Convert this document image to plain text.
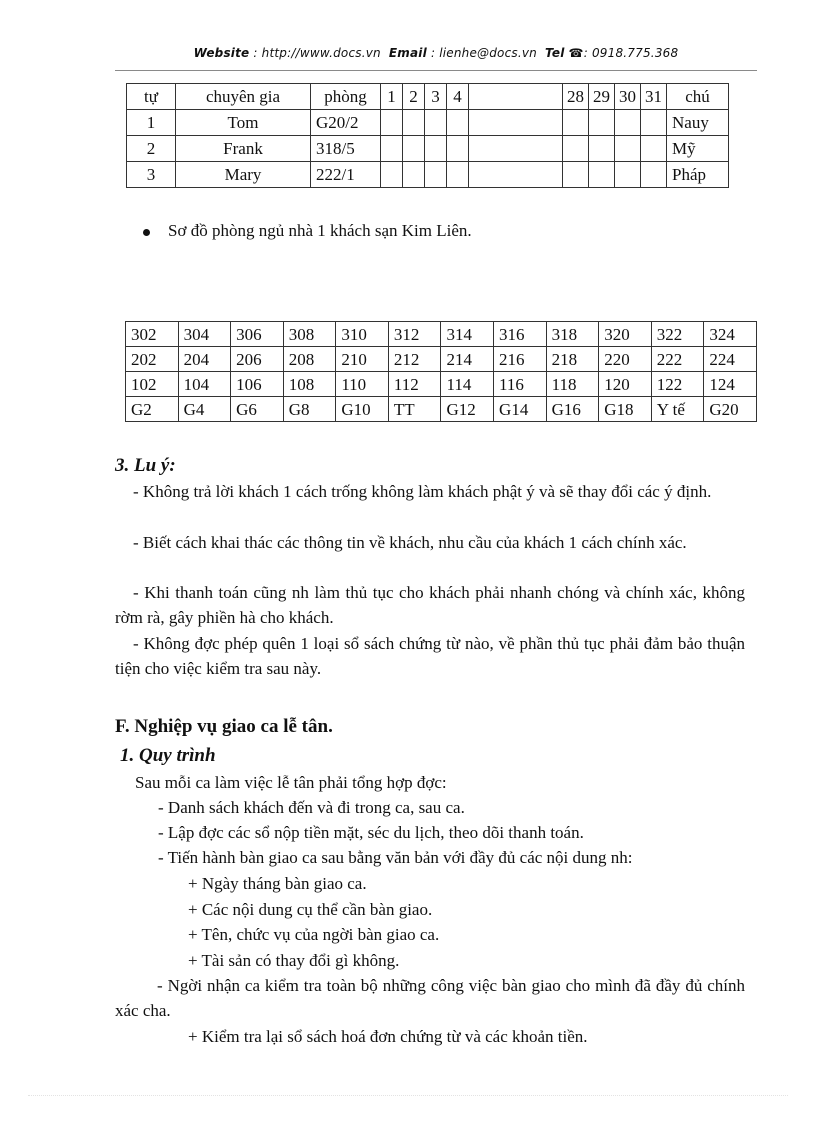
Website : http://www.docs.vn Email : lienhe@docs.vn Tel ☎: 0918.775.368
tự	chuyên gia	phòng	1	2	3	4		28	29	30	31	chú
1	Tom	G20/2										Nauy
2	Frank	318/5										Mỹ
3	Mary	222/1										Pháp
Sơ đồ phòng ngủ nhà 1 khách sạn Kim Liên.
302	304	306	308	310	312	314	316	318	320	322	324
202	204	206	208	210	212	214	216	218	220	222	224
102	104	106	108	110	112	114	116	118	120	122	124
G2	G4	G6	G8	G10	TT	G12	G14	G16	G18	Y tế	G20
3. Lu ý:
- Không trả lời khách 1 cách trống không làm khách phật ý và sẽ thay đổi các ý định.
- Biết cách khai thác các thông tin về khách, nhu cầu của khách 1 cách chính xác.
- Khi thanh toán cũng nh làm thủ tục cho khách phải nhanh chóng và chính xác, không rờm rà, gây phiền hà cho khách.
- Không đợc phép quên 1 loại sổ sách chứng từ nào, về phần thủ tục phải đảm bảo thuận tiện cho việc kiểm tra sau này.
F. Nghiệp vụ giao ca lễ tân.
1. Quy trình
Sau mỗi ca làm việc lễ tân phải tổng hợp đợc:
- Danh sách khách đến và đi trong ca, sau ca.
- Lập đợc các sổ nộp tiền mặt, séc du lịch, theo dõi thanh toán.
- Tiến hành bàn giao ca sau bằng văn bản với đầy đủ các nội dung nh:
+ Ngày tháng bàn giao ca.
+ Các nội dung cụ thể cần bàn giao.
+ Tên, chức vụ của ngời bàn giao ca.
+ Tài sản có thay đổi gì không.
- Ngời nhận ca kiểm tra toàn bộ những công việc bàn giao cho mình đã đầy đủ chính xác cha.
+ Kiểm tra lại sổ sách hoá đơn chứng từ và các khoản tiền.
